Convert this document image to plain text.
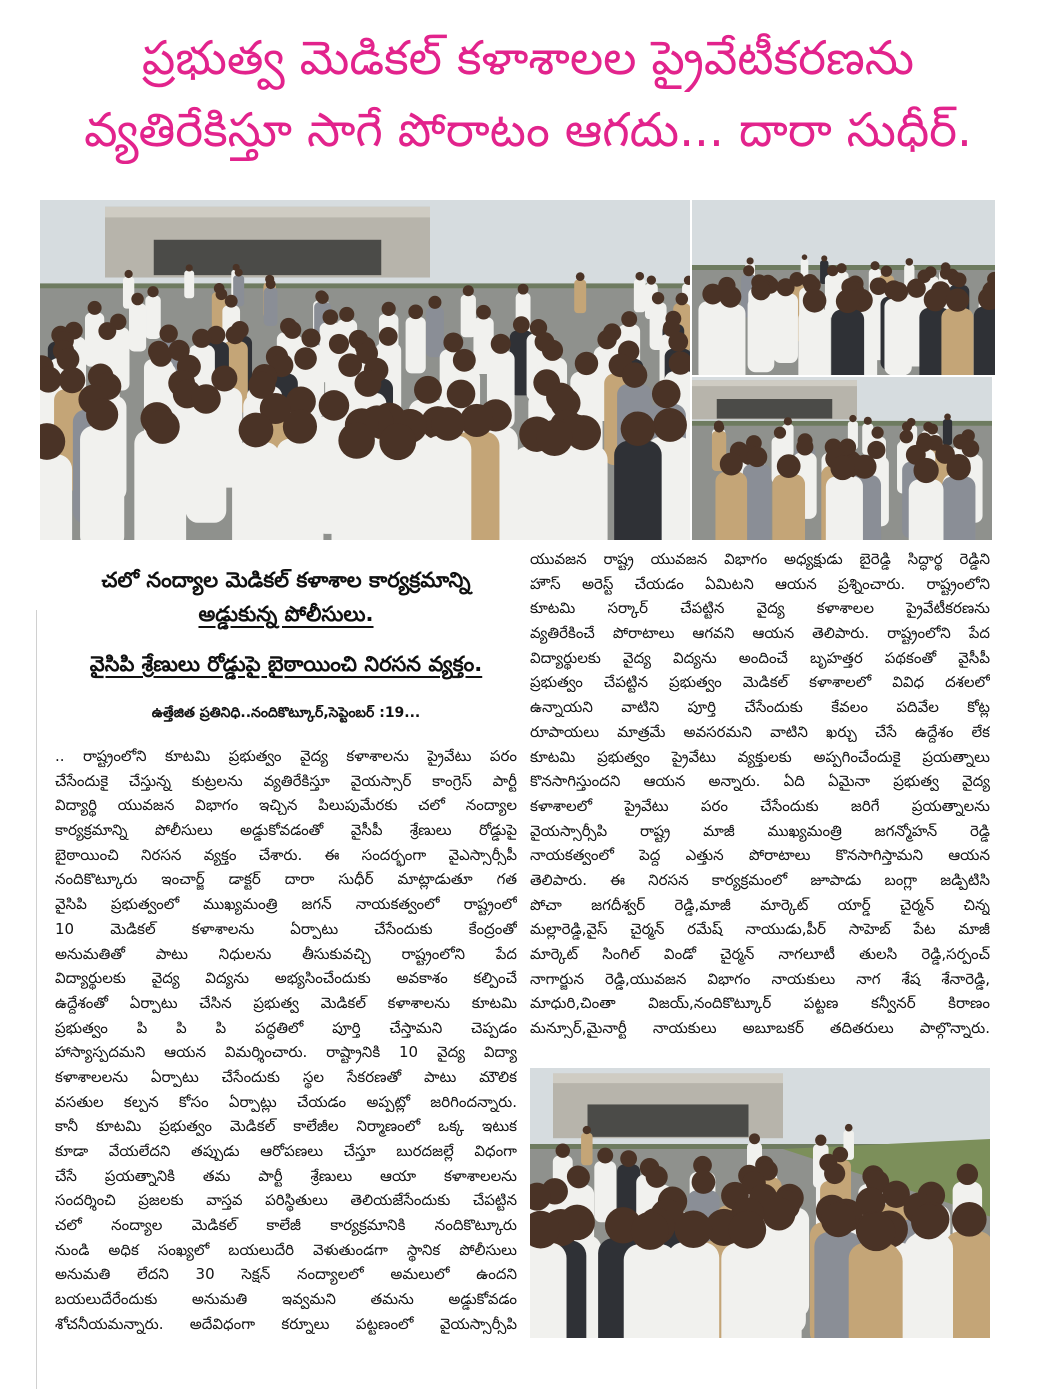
ప్రభుత్వ మెడికల్ కళాశాలల ప్రైవేటీకరణను
వ్యతిరేకిస్తూ సాగే పోరాటం ఆగదు... దారా సుధీర్.
చలో నంద్యాల మెడికల్ కళాశాల కార్యక్రమాన్ని
అడ్డుకున్న పోలీసులు.
వైసిపి శ్రేణులు రోడ్డుపై బైఠాయించి నిరసన వ్యక్తం.
ఉత్తేజిత ప్రతినిధి..నందికొట్కూర్,సెప్టెంబర్ :19...
.. రాష్ట్రంలోని కూటమి ప్రభుత్వం వైద్య కళాశాలను ప్రైవేటు పరం
చేసేందుకై చేస్తున్న కుట్రలను వ్యతిరేకిస్తూ వైయస్సార్ కాంగ్రెస్ పార్టీ
విద్యార్థి యువజన విభాగం ఇచ్చిన పిలుపుమేరకు చలో నంద్యాల
కార్యక్రమాన్ని పోలీసులు అడ్డుకోవడంతో వైసీపీ శ్రేణులు రోడ్డుపై
బైఠాయించి నిరసన వ్యక్తం చేశారు. ఈ సందర్భంగా వైఎస్సార్సీపీ
నందికొట్కూరు ఇంచార్జ్ డాక్టర్ దారా సుధీర్ మాట్లాడుతూ గత
వైసిపి ప్రభుత్వంలో ముఖ్యమంత్రి జగన్ నాయకత్వంలో రాష్ట్రంలో
10 మెడికల్ కళాశాలను ఏర్పాటు చేసేందుకు కేంద్రంతో
అనుమతితో పాటు నిధులను తీసుకువచ్చి రాష్ట్రంలోని పేద
విద్యార్థులకు వైద్య విద్యను అభ్యసించేందుకు అవకాశం కల్పించే
ఉద్దేశంతో ఏర్పాటు చేసిన ప్రభుత్వ మెడికల్ కళాశాలను కూటమి
ప్రభుత్వం పి పి పి పద్ధతిలో పూర్తి చేస్తామని చెప్పడం
హాస్యాస్పదమని ఆయన విమర్శించారు. రాష్ట్రానికి 10 వైద్య విద్యా
కళాశాలలను ఏర్పాటు చేసేందుకు స్థల సేకరణతో పాటు మౌలిక
వసతుల కల్పన కోసం ఏర్పాట్లు చేయడం అప్పట్లో జరిగిందన్నారు.
కానీ కూటమి ప్రభుత్వం మెడికల్ కాలేజీల నిర్మాణంలో ఒక్క ఇటుక
కూడా వేయలేదని తప్పుడు ఆరోపణలు చేస్తూ బురదజల్లే విధంగా
చేసే ప్రయత్నానికి తమ పార్టీ శ్రేణులు ఆయా కళాశాలలను
సందర్శించి ప్రజలకు వాస్తవ పరిస్థితులు తెలియజేసేందుకు చేపట్టిన
చలో నంద్యాల మెడికల్ కాలేజీ కార్యక్రమానికి నందికొట్కూరు
నుండి అధిక సంఖ్యలో బయలుదేరి వెళుతుండగా స్థానిక పోలీసులు
అనుమతి లేదని 30 సెక్షన్ నంద్యాలలో అమలులో ఉందని
బయలుదేరేందుకు అనుమతి ఇవ్వమని తమను అడ్డుకోవడం
శోచనీయమన్నారు. అదేవిధంగా కర్నూలు పట్టణంలో వైయస్సార్సీపి
యువజన రాష్ట్ర యువజన విభాగం అధ్యక్షుడు బైరెడ్డి సిద్ధార్థ రెడ్డిని
హౌస్ అరెస్ట్ చేయడం ఏమిటని ఆయన ప్రశ్నించారు. రాష్ట్రంలోని
కూటమి సర్కార్ చేపట్టిన వైద్య కళాశాలల ప్రైవేటీకరణను
వ్యతిరేకించే పోరాటాలు ఆగవని ఆయన తెలిపారు. రాష్ట్రంలోని పేద
విద్యార్థులకు వైద్య విద్యను అందించే బృహత్తర పథకంతో వైసీపీ
ప్రభుత్వం చేపట్టిన ప్రభుత్వం మెడికల్ కళాశాలలో వివిధ దశలలో
ఉన్నాయని వాటిని పూర్తి చేసేందుకు కేవలం పదివేల కోట్ల
రూపాయలు మాత్రమే అవసరమని వాటిని ఖర్చు చేసే ఉద్దేశం లేక
కూటమి ప్రభుత్వం ప్రైవేటు వ్యక్తులకు అప్పగించేందుకై ప్రయత్నాలు
కొనసాగిస్తుందని ఆయన అన్నారు. ఏది ఏమైనా ప్రభుత్వ వైద్య
కళాశాలలో ప్రైవేటు పరం చేసేందుకు జరిగే ప్రయత్నాలను
వైయస్సార్సీపి రాష్ట్ర మాజీ ముఖ్యమంత్రి జగన్మోహన్ రెడ్డి
నాయకత్వంలో పెద్ద ఎత్తున పోరాటాలు కొనసాగిస్తామని ఆయన
తెలిపారు. ఈ నిరసన కార్యక్రమంలో జూపాడు బంగ్లా జడ్పిటిసి
పోచా జగదీశ్వర్ రెడ్డి,మాజీ మార్కెట్ యార్డ్ చైర్మన్ చిన్న
మల్లారెడ్డి,వైస్ చైర్మన్ రమేష్ నాయుడు,పీర్ సాహెబ్ పేట మాజీ
మార్కెట్ సింగిల్ విండో చైర్మన్ నాగలూటీ తులసి రెడ్డి,సర్పంచ్
నాగార్జున రెడ్డి,యువజన విభాగం నాయకులు నాగ శేష శేనారెడ్డి,
మాధురి,చింతా విజయ్,నందికొట్కూర్ పట్టణ కన్వీనర్ కిరాణం
మన్సూర్,మైనార్టీ నాయకులు అబూబకర్ తదితరులు పాల్గొన్నారు.
